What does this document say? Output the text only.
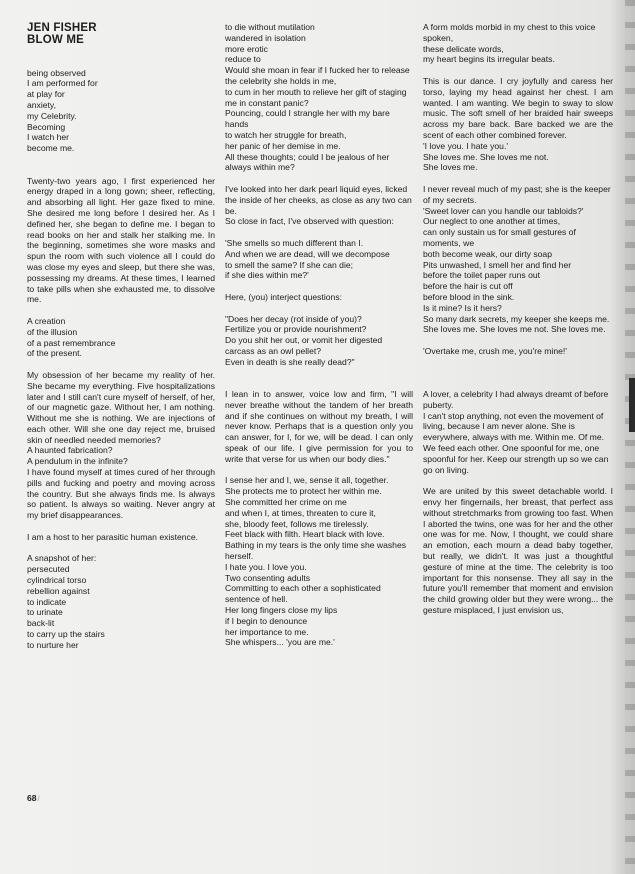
JEN FISHER

BLOW ME

being observed

I am performed for

at play for

anxiety,

my Celebrity.

Becoming

I watch her

become me.

Twenty-two years ago, I first experienced her energy draped in a long gown; sheer, reflecting, and absorbing all light. Her gaze fixed to mine. She desired me long before I desired her. As I defined her, she began to define me. I began to read books on her and stalk her stalking me. In the beginning, sometimes she wore masks and spun the room with such violence all I could do was close my eyes and sleep, but there she was, possessing my dreams. At these times, I learned to take pills when she exhausted me, to dissolve me.

A creation

of the illusion

of a past remembrance

of the present.

My obsession of her became my reality of her. She became my everything. Five hospitalizations later and I still can't cure myself of herself, of her, of our magnetic gaze. Without her, I am nothing. Without me she is nothing. We are injections of each other. Will she one day reject me, bruised skin of needled needed memories?

A haunted fabrication?

A pendulum in the infinite?

I have found myself at times cured of her through pills and fucking and poetry and moving across the country. But she always finds me. Is always so patient. Is always so waiting. Never angry at my brief disappearances.

I am a host to her parasitic human existence.

A snapshot of her:

persecuted

cylindrical torso

rebellion against

to indicate

to urinate

back-lit

to carry up the stairs

to nurture her

to die without mutilation

wandered in isolation

more erotic

reduce to

Would she moan in fear if I fucked her to release

the celebrity she holds in me,

to cum in her mouth to relieve her gift of staging me in constant panic?

Pouncing, could I strangle her with my bare hands

to watch her struggle for breath,

her panic of her demise in me.

All these thoughts; could I be jealous of her always within me?

I've looked into her dark pearl liquid eyes, licked the inside of her cheeks, as close as any two can be.

So close in fact, I've observed with question:

'She smells so much different than I.

And when we are dead, will we decompose

to smell the same? If she can die;

if she dies within me?'

Here, (you) interject questions:

"Does her decay (rot inside of you)?

Fertilize you or provide nourishment?

Do you shit her out, or vomit her digested carcass as an owl pellet?

Even in death is she really dead?"

I lean in to answer, voice low and firm, "I will never breathe without the tandem of her breath and if she continues on without my breath, I will never know. Perhaps that is a question only you can answer, for I, for we, will be dead. I can only speak of our life. I give permission for you to write that verse for us when our body dies."

I sense her and I, we, sense it all, together.

She protects me to protect her within me.

She committed her crime on me

and when I, at times, threaten to cure it,

she, bloody feet, follows me tirelessly.

Feet black with filth. Heart black with love.

Bathing in my tears is the only time she washes herself.

I hate you. I love you.

Two consenting adults

Committing to each other a sophisticated sentence of hell.

Her long fingers close my lips

if I begin to denounce

her importance to me.

She whispers... 'you are me.'

A form molds morbid in my chest to this voice spoken,

these delicate words,

my heart begins its irregular beats.

This is our dance. I cry joyfully and caress her torso, laying my head against her chest. I am wanted. I am wanting. We begin to sway to slow music. The soft smell of her braided hair sweeps across my bare back. Bare backed we are the scent of each other combined forever.

'I love you. I hate you.'

She loves me. She loves me not.

She loves me.

I never reveal much of my past; she is the keeper of my secrets.

'Sweet lover can you handle our tabloids?'

Our neglect to one another at times,

can only sustain us for small gestures of moments, we

both become weak, our dirty soap

Pits unwashed, I smell her and find her

before the toilet paper runs out

before the hair is cut off

before blood in the sink.

Is it mine? Is it hers?

So many dark secrets, my keeper she keeps me.

She loves me. She loves me not. She loves me.

'Overtake me, crush me, you're mine!'

A lover, a celebrity I had always dreamt of before puberty.

I can't stop anything, not even the movement of living, because I am never alone. She is everywhere, always with me. Within me. Of me. We feed each other. One spoonful for me, one spoonful for her. Keep our strength up so we can go on living.

We are united by this sweet detachable world. I envy her fingernails, her breast, that perfect ass without stretchmarks from growing too fast. When I aborted the twins, one was for her and the other one was for me. Now, I thought, we could share an emotion, each mourn a dead baby together, but really, we didn't. It was just a thoughtful gesture of mine at the time. The celebrity is too important for this nonsense. They all say in the future you'll remember that moment and envision the child growing older but they were wrong... the gesture misplaced, I just envision us,

68/​
